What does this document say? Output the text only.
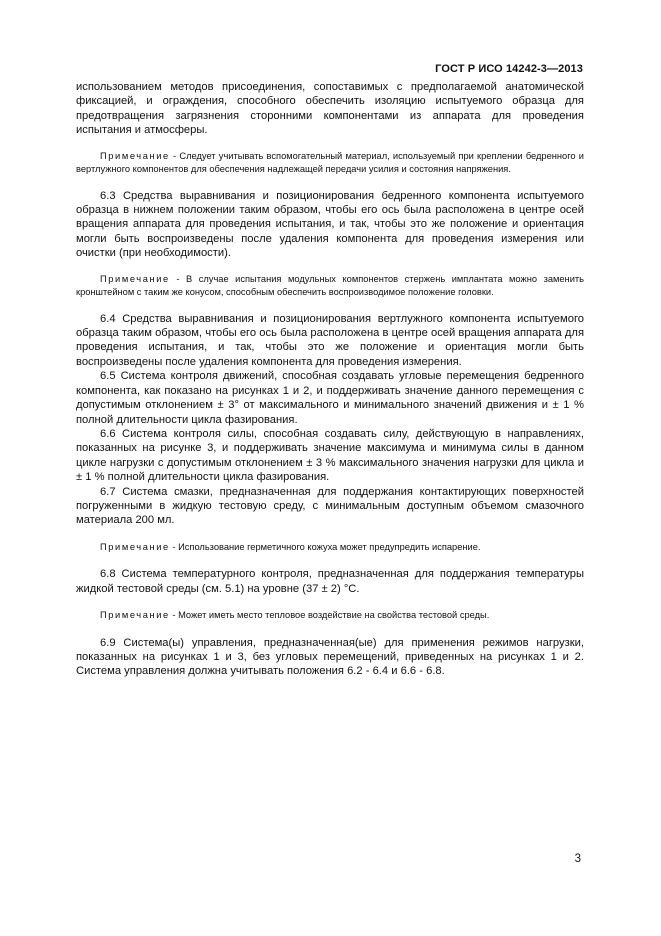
ГОСТ Р ИСО 14242-3—2013

использованием методов присоединения, сопоставимых с предполагаемой анатомической фиксацией, и ограждения, способного обеспечить изоляцию испытуемого образца для предотвращения загрязнения сторонними компонентами из аппарата для проведения испытания и атмосферы.

Примечание - Следует учитывать вспомогательный материал, используемый при креплении бедренного и вертлужного компонентов для обеспечения надлежащей передачи усилия и состояния напряжения.

6.3 Средства выравнивания и позиционирования бедренного компонента испытуемого образца в нижнем положении таким образом, чтобы его ось была расположена в центре осей вращения аппарата для проведения испытания, и так, чтобы это же положение и ориентация могли быть воспроизведены после удаления компонента для проведения измерения или очистки (при необходимости).

Примечание - В случае испытания модульных компонентов стержень имплантата можно заменить кронштейном с таким же конусом, способным обеспечить воспроизводимое положение головки.

6.4 Средства выравнивания и позиционирования вертлужного компонента испытуемого образца таким образом, чтобы его ось была расположена в центре осей вращения аппарата для проведения испытания, и так, чтобы это же положение и ориентация могли быть воспроизведены после удаления компонента для проведения измерения.

6.5 Система контроля движений, способная создавать угловые перемещения бедренного компонента, как показано на рисунках 1 и 2, и поддерживать значение данного перемещения с допустимым отклонением ± 3° от максимального и минимального значений движения и ± 1 % полной длительности цикла фазирования.

6.6 Система контроля силы, способная создавать силу, действующую в направлениях, показанных на рисунке 3, и поддерживать значение максимума и минимума силы в данном цикле нагрузки с допустимым отклонением ± 3 % максимального значения нагрузки для цикла и ± 1 % полной длительности цикла фазирования.

6.7 Система смазки, предназначенная для поддержания контактирующих поверхностей погруженными в жидкую тестовую среду, с минимальным доступным объемом смазочного материала 200 мл.

Примечание - Использование герметичного кожуха может предупредить испарение.

6.8 Система температурного контроля, предназначенная для поддержания температуры жидкой тестовой среды (см. 5.1) на уровне (37 ± 2) °С.

Примечание - Может иметь место тепловое воздействие на свойства тестовой среды.

6.9 Система(ы) управления, предназначенная(ые) для применения режимов нагрузки, показанных на рисунках 1 и 3, без угловых перемещений, приведенных на рисунках 1 и 2. Система управления должна учитывать положения 6.2 - 6.4 и 6.6 - 6.8.

3
